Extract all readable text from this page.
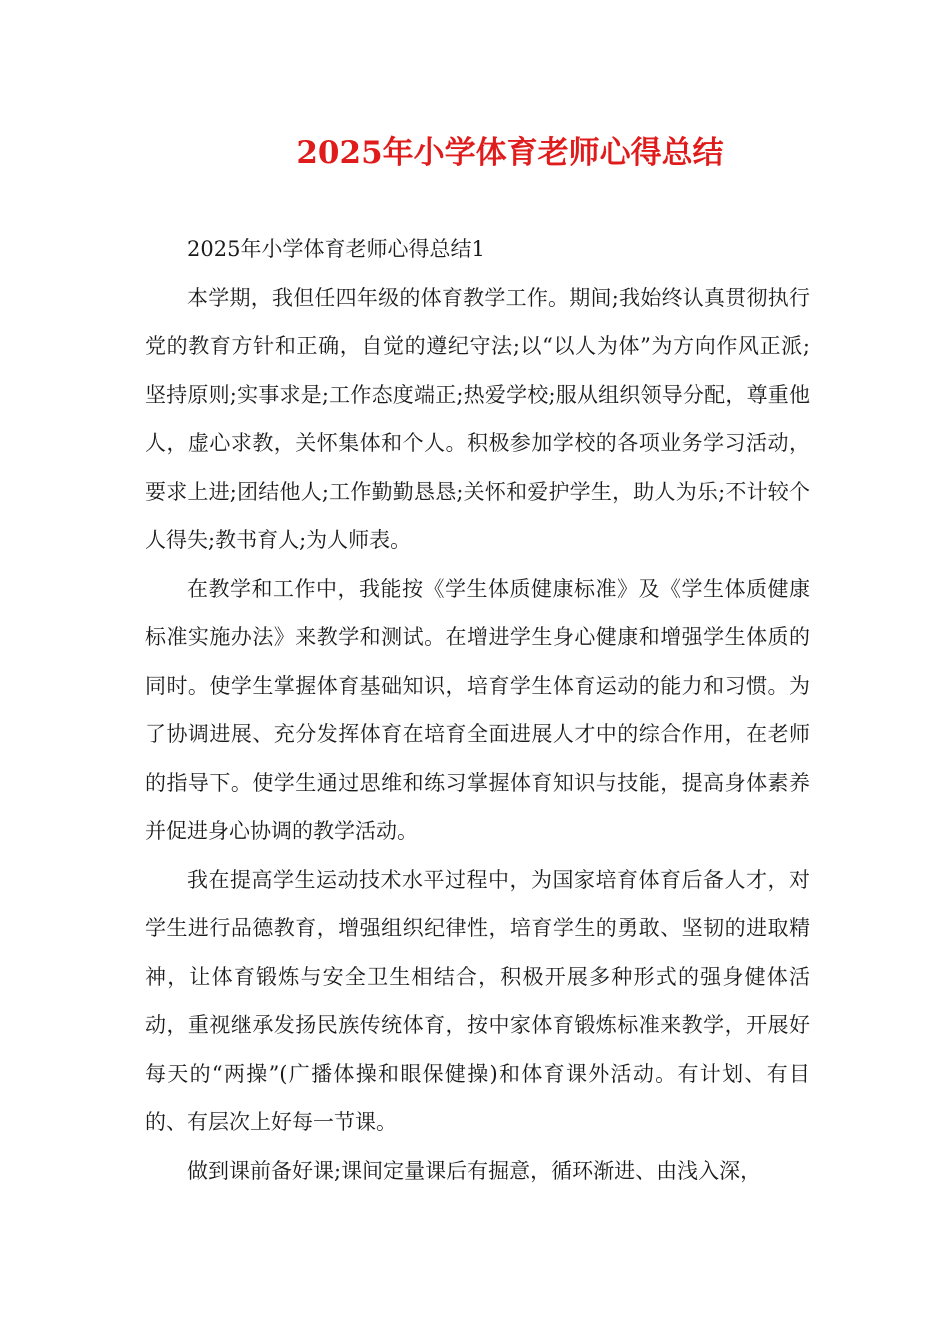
2025年小学体育老师心得总结

2025年小学体育老师心得总结1

本学期，我但任四年级的体育教学工作。期间;我始终认真贯彻执行党的教育方针和正确，自觉的遵纪守法;以“以人为体”为方向作风正派;坚持原则;实事求是;工作态度端正;热爱学校;服从组织领导分配，尊重他人，虚心求教，关怀集体和个人。积极参加学校的各项业务学习活动，要求上进;团结他人;工作勤勤恳恳;关怀和爱护学生，助人为乐;不计较个人得失;教书育人;为人师表。

在教学和工作中，我能按《学生体质健康标准》及《学生体质健康标准实施办法》来教学和测试。在增进学生身心健康和增强学生体质的同时。使学生掌握体育基础知识，培育学生体育运动的能力和习惯。为了协调进展、充分发挥体育在培育全面进展人才中的综合作用，在老师的指导下。使学生通过思维和练习掌握体育知识与技能，提高身体素养并促进身心协调的教学活动。

我在提高学生运动技术水平过程中，为国家培育体育后备人才，对学生进行品德教育，增强组织纪律性，培育学生的勇敢、坚韧的进取精神，让体育锻炼与安全卫生相结合，积极开展多种形式的强身健体活动，重视继承发扬民族传统体育，按中家体育锻炼标准来教学，开展好每天的“两操”(广播体操和眼保健操)和体育课外活动。有计划、有目的、有层次上好每一节课。

做到课前备好课;课间定量课后有掘意，循环渐进、由浅入深，
